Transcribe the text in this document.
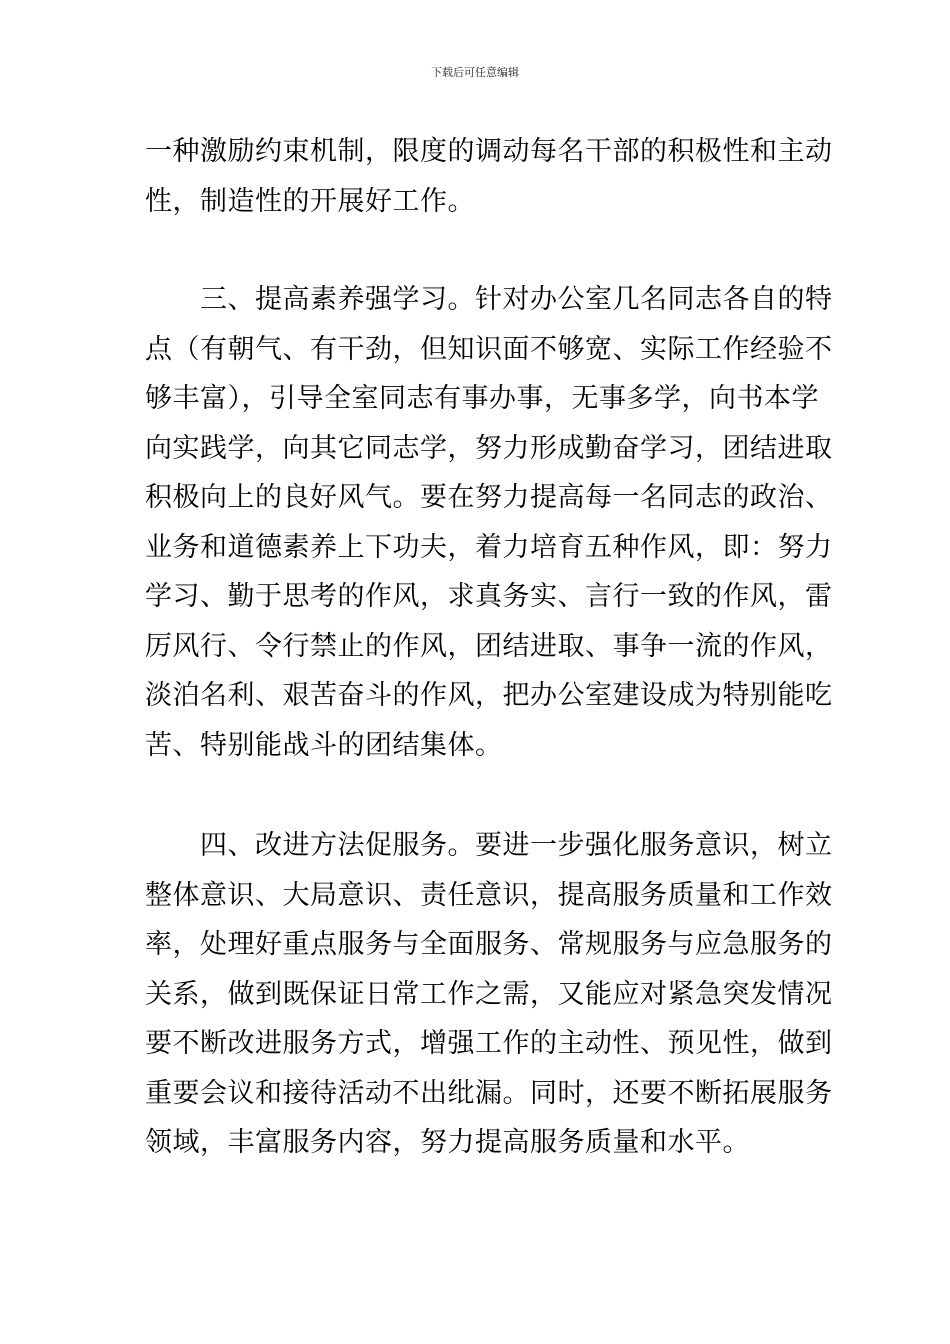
下载后可任意编辑
一种激励约束机制，限度的调动每名干部的积极性和主动
性，制造性的开展好工作。
三、提高素养强学习。针对办公室几名同志各自的特
点（有朝气、有干劲，但知识面不够宽、实际工作经验不
够丰富），引导全室同志有事办事，无事多学，向书本学
向实践学，向其它同志学，努力形成勤奋学习，团结进取
积极向上的良好风气。要在努力提高每一名同志的政治、
业务和道德素养上下功夫，着力培育五种作风，即：努力
学习、勤于思考的作风，求真务实、言行一致的作风，雷
厉风行、令行禁止的作风，团结进取、事争一流的作风，
淡泊名利、艰苦奋斗的作风，把办公室建设成为特别能吃
苦、特别能战斗的团结集体。
四、改进方法促服务。要进一步强化服务意识，树立
整体意识、大局意识、责任意识，提高服务质量和工作效
率，处理好重点服务与全面服务、常规服务与应急服务的
关系，做到既保证日常工作之需，又能应对紧急突发情况
要不断改进服务方式，增强工作的主动性、预见性，做到
重要会议和接待活动不出纰漏。同时，还要不断拓展服务
领域，丰富服务内容，努力提高服务质量和水平。
